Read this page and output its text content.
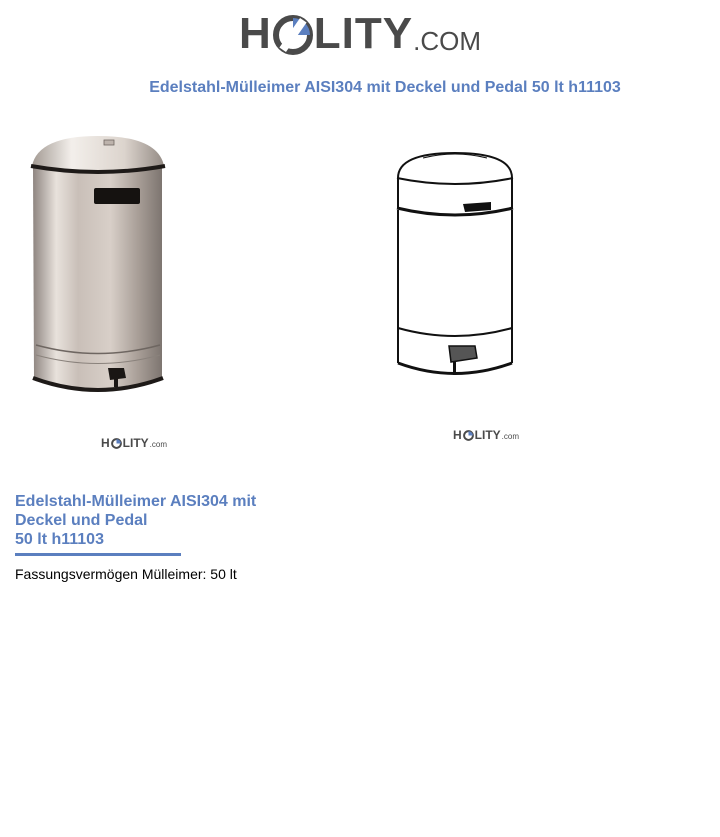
H LITY .COM
Edelstahl-Mülleimer AISI304 mit Deckel und Pedal 50 lt h11103
H LITY .com
H LITY .com
Edelstahl-Mülleimer AISI304 mit
Deckel und Pedal
50 lt h11103
Fassungsvermögen Mülleimer: 50 lt
